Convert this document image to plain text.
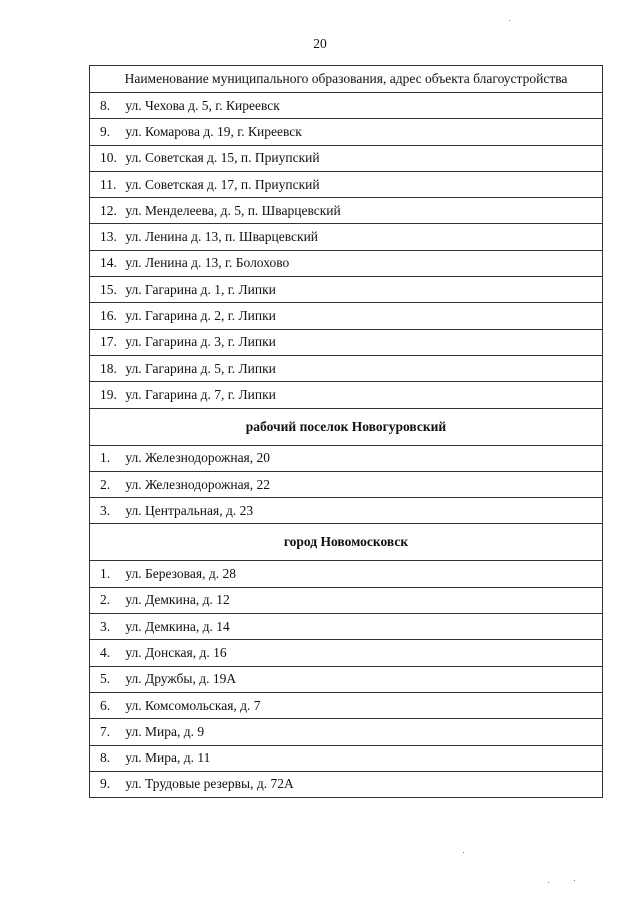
20
Наименование муниципального образования, адрес объекта благоустройства
8. ул. Чехова д. 5, г. Киреевск
9. ул. Комарова д. 19, г. Киреевск
10. ул. Советская д. 15, п. Приупский
11. ул. Советская д. 17, п. Приупский
12. ул. Менделеева, д. 5, п. Шварцевский
13. ул. Ленина д. 13, п. Шварцевский
14. ул. Ленина д. 13, г. Болохово
15. ул. Гагарина д. 1, г. Липки
16. ул. Гагарина д. 2, г. Липки
17. ул. Гагарина д. 3, г. Липки
18. ул. Гагарина д. 5, г. Липки
19. ул. Гагарина д. 7, г. Липки
рабочий поселок Новогуровский
1. ул. Железнодорожная, 20
2. ул. Железнодорожная, 22
3. ул. Центральная, д. 23
город Новомосковск
1. ул. Березовая, д. 28
2. ул. Демкина, д. 12
3. ул. Демкина, д. 14
4. ул. Донская, д. 16
5. ул. Дружбы, д. 19А
6. ул. Комсомольская, д. 7
7. ул. Мира, д. 9
8. ул. Мира, д. 11
9. ул. Трудовые резервы, д. 72А
